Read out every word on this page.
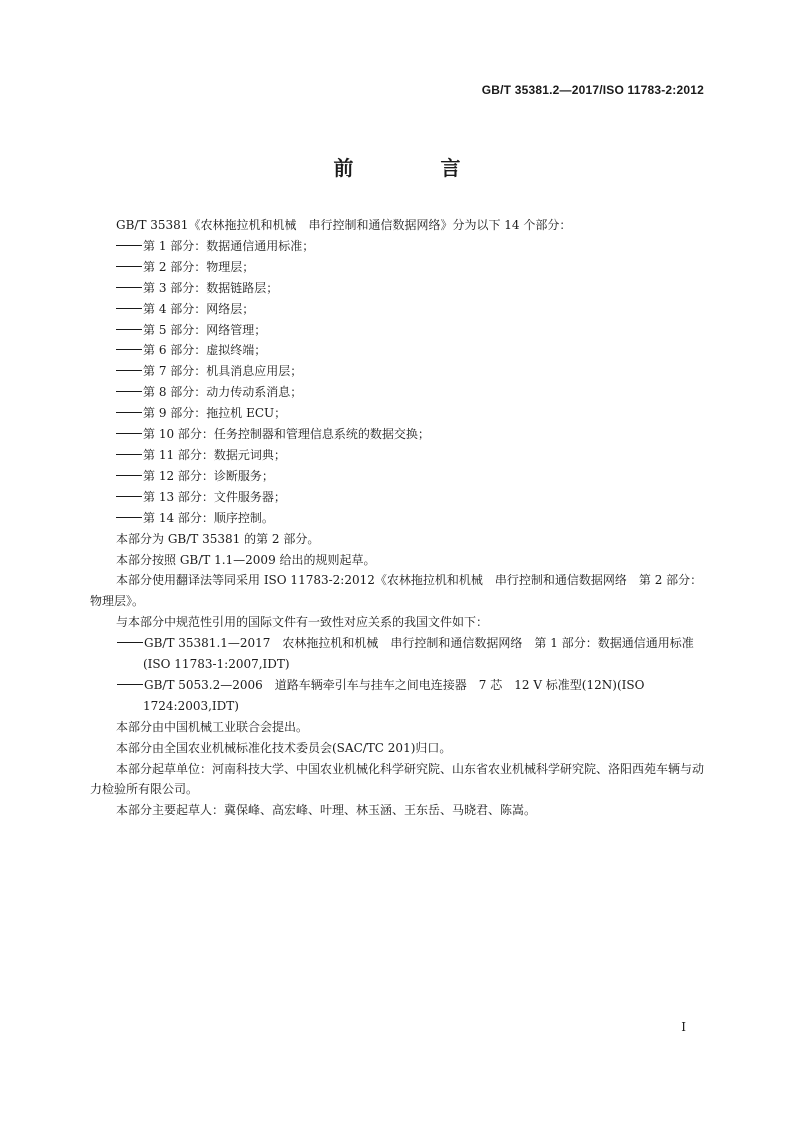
GB/T 35381.2—2017/ISO 11783-2:2012
前 言

GB/T 35381《农林拖拉机和机械　串行控制和通信数据网络》分为以下 14 个部分：

第 1 部分：数据通信通用标准；

第 2 部分：物理层；

第 3 部分：数据链路层；

第 4 部分：网络层；

第 5 部分：网络管理；

第 6 部分：虚拟终端；

第 7 部分：机具消息应用层；

第 8 部分：动力传动系消息；

第 9 部分：拖拉机 ECU；

第 10 部分：任务控制器和管理信息系统的数据交换；

第 11 部分：数据元词典；

第 12 部分：诊断服务；

第 13 部分：文件服务器；

第 14 部分：顺序控制。

本部分为 GB/T 35381 的第 2 部分。

本部分按照 GB/T 1.1—2009 给出的规则起草。

本部分使用翻译法等同采用 ISO 11783-2:2012《农林拖拉机和机械　串行控制和通信数据网络　第 2 部分：物理层》。

与本部分中规范性引用的国际文件有一致性对应关系的我国文件如下：

GB/T 35381.1—2017　农林拖拉机和机械　串行控制和通信数据网络　第 1 部分：数据通信通用标准(ISO 11783-1:2007,IDT)

GB/T 5053.2—2006　道路车辆牵引车与挂车之间电连接器　7 芯　12 V 标准型(12N)(ISO 1724:2003,IDT)

本部分由中国机械工业联合会提出。

本部分由全国农业机械标准化技术委员会(SAC/TC 201)归口。

本部分起草单位：河南科技大学、中国农业机械化科学研究院、山东省农业机械科学研究院、洛阳西苑车辆与动力检验所有限公司。

本部分主要起草人：冀保峰、高宏峰、叶理、林玉涵、王东岳、马晓君、陈嵩。

I
